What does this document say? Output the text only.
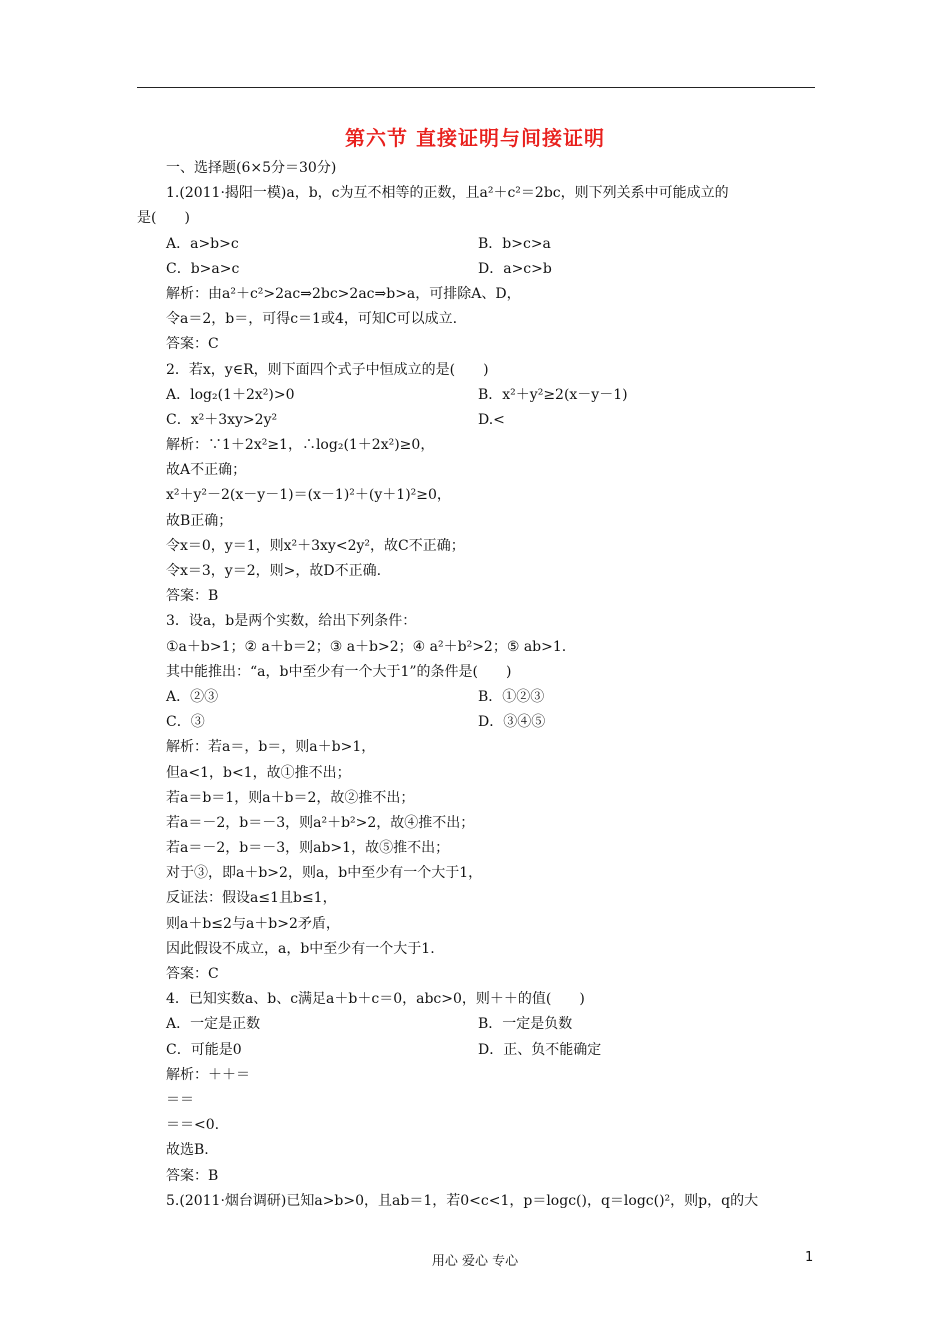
第六节 直接证明与间接证明
一、选择题(6×5分＝30分)
1.(2011·揭阳一模)a，b，c为互不相等的正数，且a²＋c²＝2bc，则下列关系中可能成立的
是(　　)
A．a>b>c	B．b>c>a
C．b>a>c	D．a>c>b
解析：由a²＋c²>2ac⇒2bc>2ac⇒b>a，可排除A、D，
令a＝2，b＝，可得c＝1或4，可知C可以成立.
答案：C
2．若x，y∈R，则下面四个式子中恒成立的是(　　)
A．log₂(1＋2x²)>0	B．x²＋y²≥2(x－y－1)
C．x²＋3xy>2y²	D.<
解析：∵1＋2x²≥1，∴log₂(1＋2x²)≥0，
故A不正确；
x²＋y²－2(x－y－1)＝(x－1)²＋(y＋1)²≥0，
故B正确；
令x＝0，y＝1，则x²＋3xy<2y²，故C不正确；
令x＝3，y＝2，则>，故D不正确.
答案：B
3．设a，b是两个实数，给出下列条件：
①a＋b>1；② a＋b＝2；③ a＋b>2；④ a²＋b²>2；⑤ ab>1.
其中能推出：“a，b中至少有一个大于1”的条件是(　　)
A．②③	B．①②③
C．③	D．③④⑤
解析：若a＝，b＝，则a＋b>1，
但a<1，b<1，故①推不出；
若a＝b＝1，则a＋b＝2，故②推不出；
若a＝－2，b＝－3，则a²＋b²>2，故④推不出；
若a＝－2，b＝－3，则ab>1，故⑤推不出；
对于③，即a＋b>2，则a，b中至少有一个大于1，
反证法：假设a≤1且b≤1，
则a＋b≤2与a＋b>2矛盾，
因此假设不成立，a，b中至少有一个大于1.
答案：C
4．已知实数a、b、c满足a＋b＋c＝0，abc>0，则＋＋的值(　　)
A．一定是正数	B．一定是负数
C．可能是0	D．正、负不能确定
解析：＋＋＝
＝＝
＝＝<0.
故选B.
答案：B
5.(2011·烟台调研)已知a>b>0，且ab＝1，若0<c<1，p＝logc()，q＝logc()²，则p，q的大
用心 爱心 专心	1
